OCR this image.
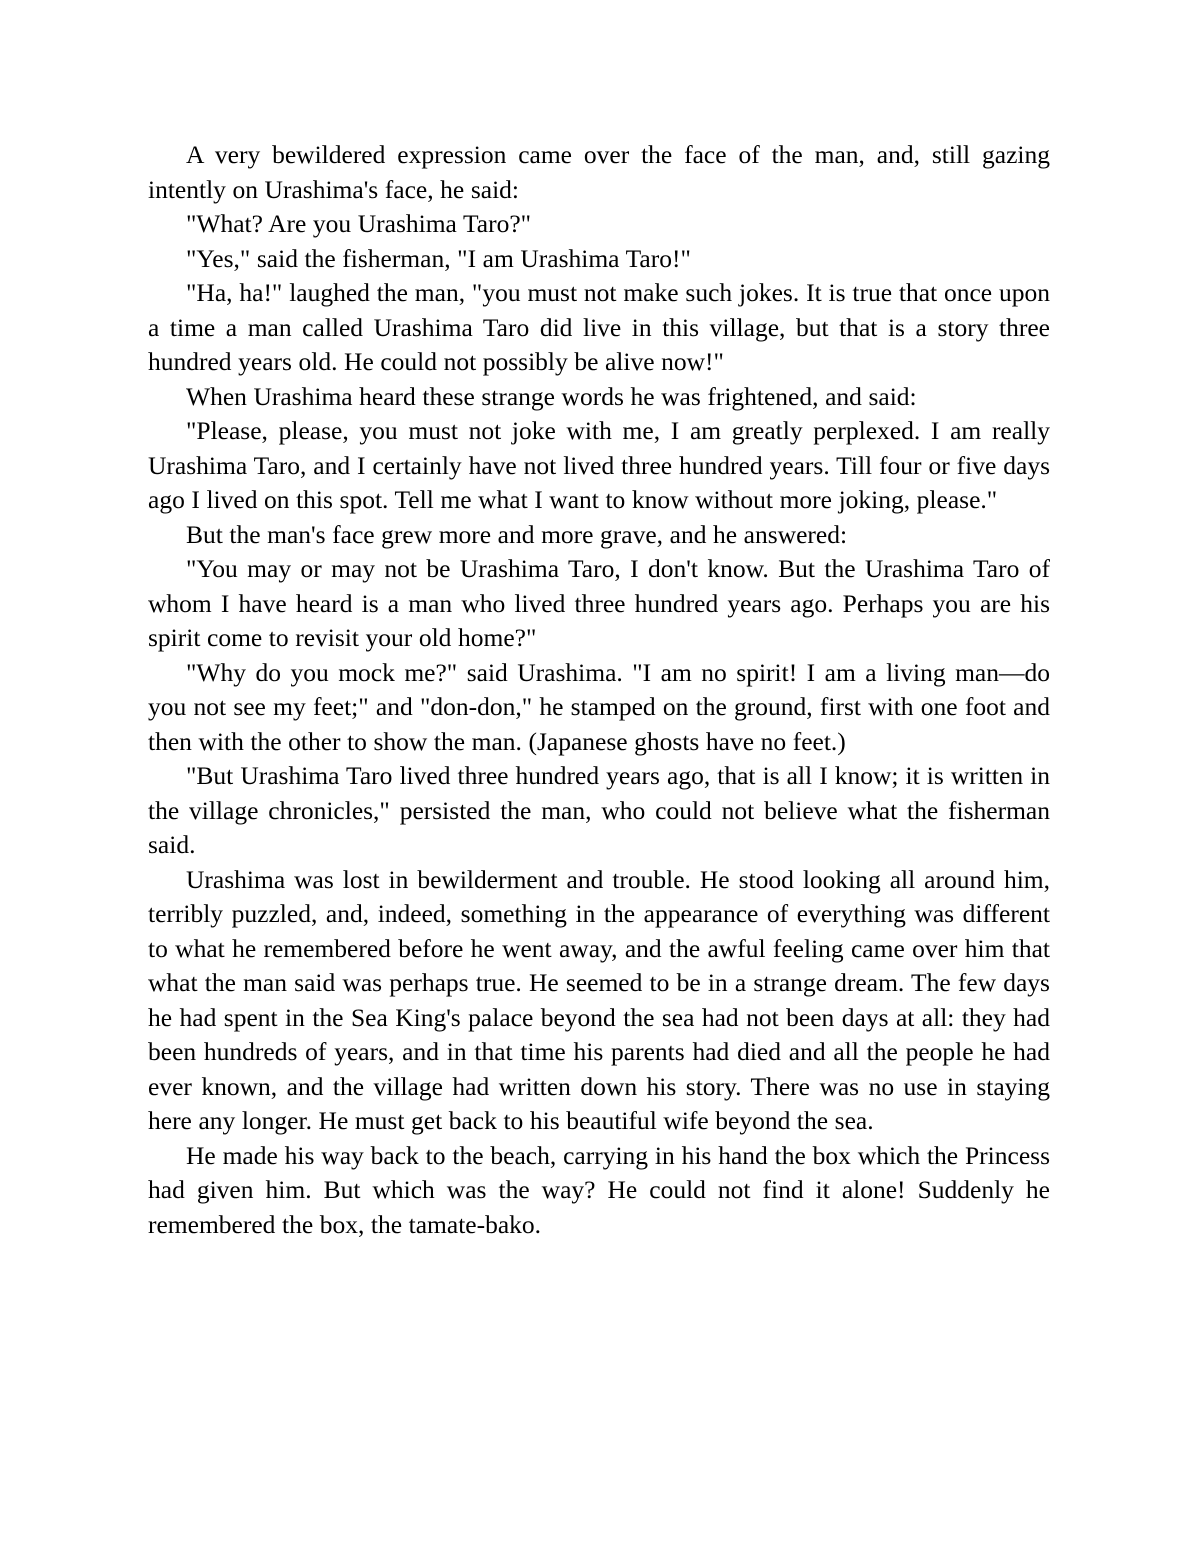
A very bewildered expression came over the face of the man, and, still gazing intently on Urashima's face, he said:

"What? Are you Urashima Taro?"

"Yes," said the fisherman, "I am Urashima Taro!"

"Ha, ha!" laughed the man, "you must not make such jokes. It is true that once upon a time a man called Urashima Taro did live in this village, but that is a story three hundred years old. He could not possibly be alive now!"

When Urashima heard these strange words he was frightened, and said:

"Please, please, you must not joke with me, I am greatly perplexed. I am really Urashima Taro, and I certainly have not lived three hundred years. Till four or five days ago I lived on this spot. Tell me what I want to know without more joking, please."

But the man's face grew more and more grave, and he answered:

"You may or may not be Urashima Taro, I don't know. But the Urashima Taro of whom I have heard is a man who lived three hundred years ago. Perhaps you are his spirit come to revisit your old home?"

"Why do you mock me?" said Urashima. "I am no spirit! I am a living man—do you not see my feet;" and "don-don," he stamped on the ground, first with one foot and then with the other to show the man. (Japanese ghosts have no feet.)

"But Urashima Taro lived three hundred years ago, that is all I know; it is written in the village chronicles," persisted the man, who could not believe what the fisherman said.

Urashima was lost in bewilderment and trouble. He stood looking all around him, terribly puzzled, and, indeed, something in the appearance of everything was different to what he remembered before he went away, and the awful feeling came over him that what the man said was perhaps true. He seemed to be in a strange dream. The few days he had spent in the Sea King's palace beyond the sea had not been days at all: they had been hundreds of years, and in that time his parents had died and all the people he had ever known, and the village had written down his story. There was no use in staying here any longer. He must get back to his beautiful wife beyond the sea.

He made his way back to the beach, carrying in his hand the box which the Princess had given him. But which was the way? He could not find it alone! Suddenly he remembered the box, the tamate-bako.
